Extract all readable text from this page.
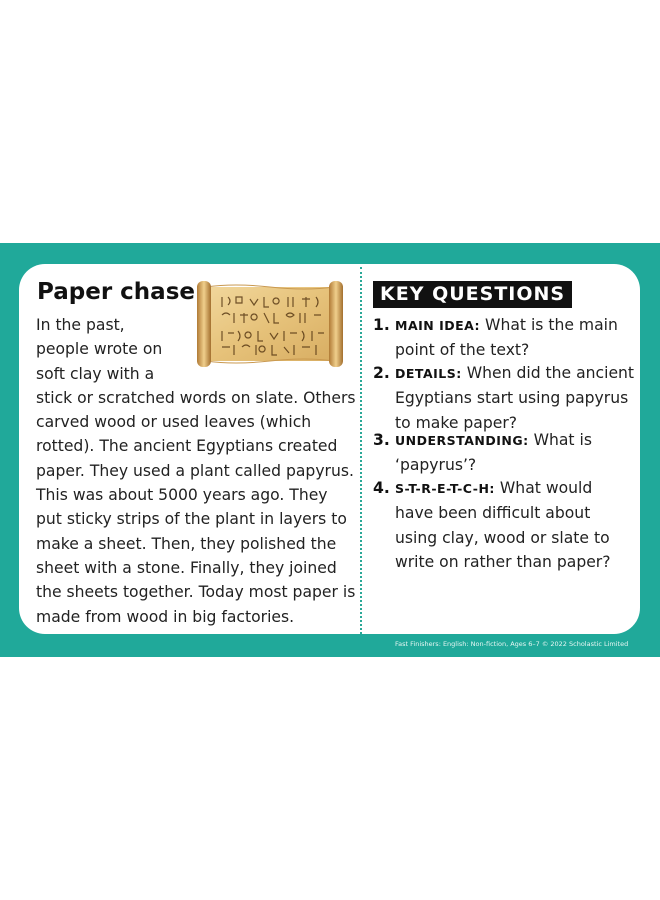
Paper chase

In the past, people wrote on soft clay with a stick or scratched words on slate. Others carved wood or used leaves (which rotted). The ancient Egyptians created paper. They used a plant called papyrus. This was about 5000 years ago. They put sticky strips of the plant in layers to make a sheet. Then, they polished the sheet with a stone. Finally, they joined the sheets together. Today most paper is made from wood in big factories.

KEY QUESTIONS
1. MAIN IDEA: What is the main point of the text?
2. DETAILS: When did the ancient Egyptians start using papyrus to make paper?
3. UNDERSTANDING: What is ‘papyrus’?
4. S-T-R-E-T-C-H: What would have been difficult about using clay, wood or slate to write on rather than paper?
Fast Finishers: English: Non-fiction, Ages 6–7 © 2022 Scholastic Limited
